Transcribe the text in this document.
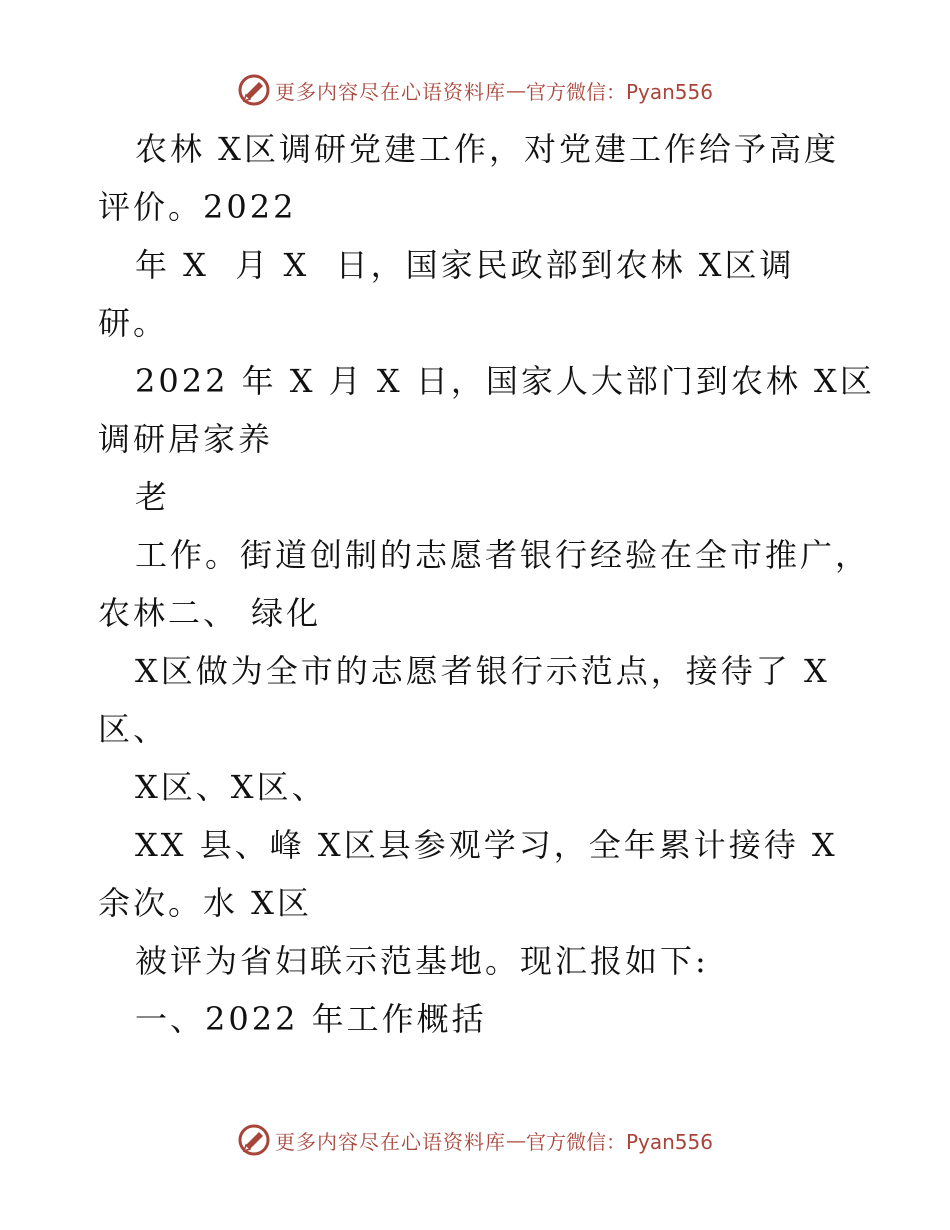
更多内容尽在心语资料库 — 官方微信：Pyan556
农林 X区调研党建工作，对党建工作给予高度
评价。2022
年 X  月 X  日，国家民政部到农林 X区调
研。
2022 年 X 月 X 日，国家人大部门到农林 X区
调研居家养
老
工作。街道创制的志愿者银行经验在全市推广，
农林二、 绿化
X区做为全市的志愿者银行示范点，接待了 X
区、
X区、X区、
XX 县、峰 X区县参观学习，全年累计接待 X
余次。水 X区
被评为省妇联示范基地。现汇报如下:
一、2022 年工作概括
更多内容尽在心语资料库 — 官方微信：Pyan556
